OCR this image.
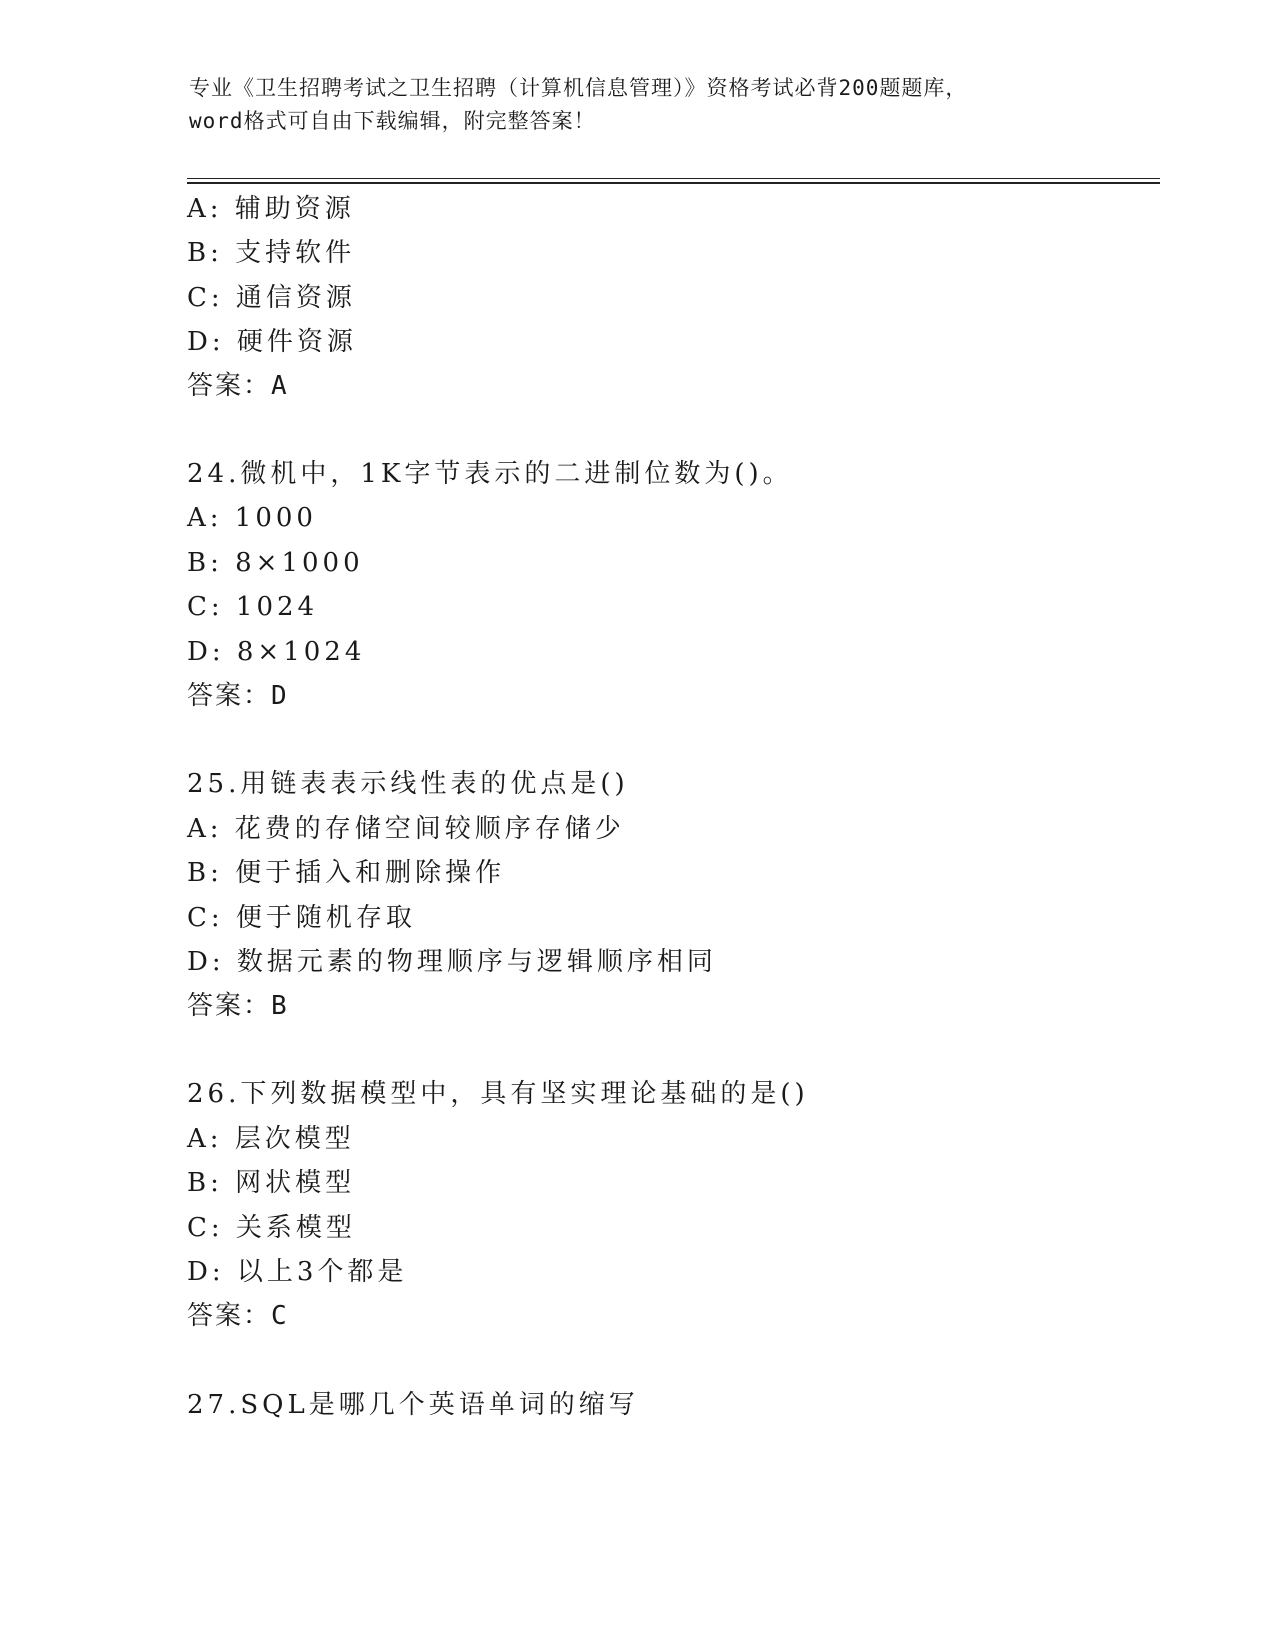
专业《卫生招聘考试之卫生招聘（计算机信息管理）》资格考试必背200题题库，
word格式可自由下载编辑，附完整答案！
A: 辅助资源
B: 支持软件
C: 通信资源
D: 硬件资源
答案：A
24.微机中，1K字节表示的二进制位数为()。
A: 1000
B: 8×1000
C: 1024
D: 8×1024
答案：D
25.用链表表示线性表的优点是()
A: 花费的存储空间较顺序存储少
B: 便于插入和删除操作
C: 便于随机存取
D: 数据元素的物理顺序与逻辑顺序相同
答案：B
26.下列数据模型中，具有坚实理论基础的是()
A: 层次模型
B: 网状模型
C: 关系模型
D: 以上3个都是
答案：C
27.SQL是哪几个英语单词的缩写
